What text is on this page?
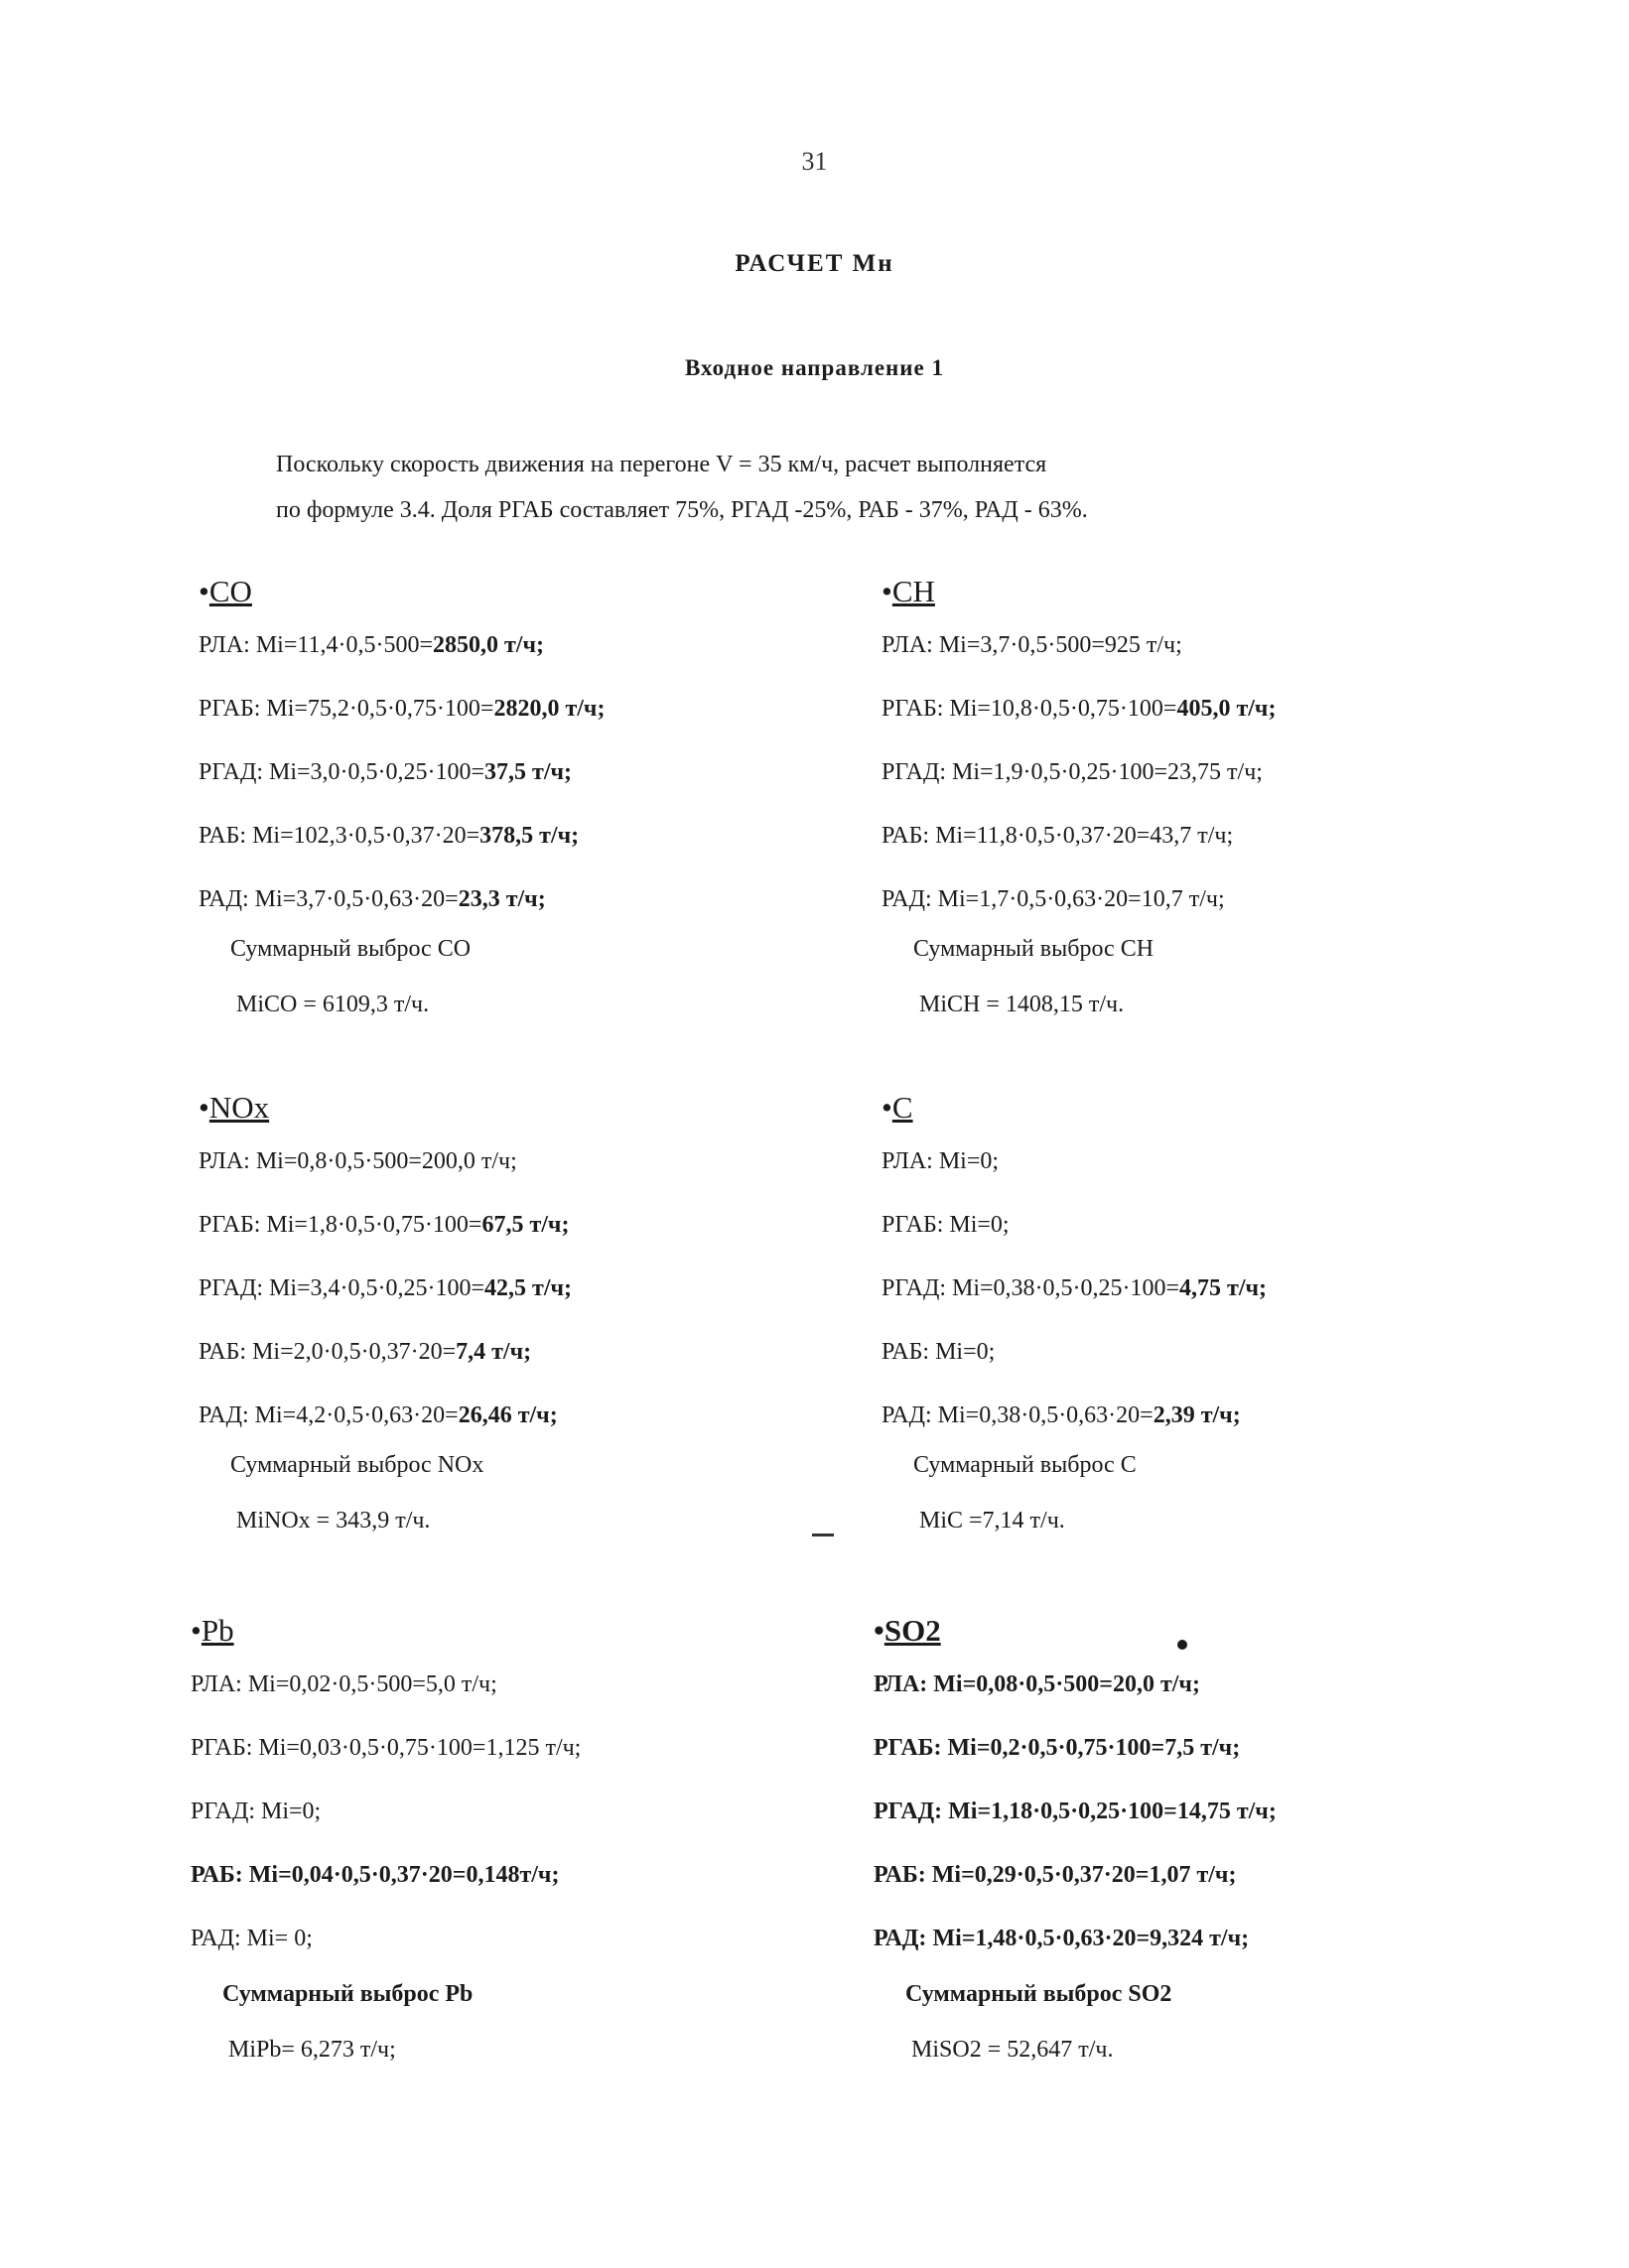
31
РАСЧЕТ Мн
Входное направление 1

Поскольку скорость движения на перегоне V = 35 км/ч, расчет выполняется

по формуле 3.4. Доля РГАБ составляет 75%, РГАД -25%, РАБ - 37%, РАД - 63%.

•CO
РЛА: Mi=11,4·0,5·500=2850,0 т/ч;
РГАБ: Mi=75,2·0,5·0,75·100=2820,0 т/ч;
РГАД: Mi=3,0·0,5·0,25·100=37,5 т/ч;
РАБ: Mi=102,3·0,5·0,37·20=378,5 т/ч;
РАД: Mi=3,7·0,5·0,63·20=23,3 т/ч;
Суммарный выброс CO
MiCO = 6109,3 т/ч.
•CH
РЛА: Mi=3,7·0,5·500=925 т/ч;
РГАБ: Mi=10,8·0,5·0,75·100=405,0 т/ч;
РГАД: Mi=1,9·0,5·0,25·100=23,75 т/ч;
РАБ: Mi=11,8·0,5·0,37·20=43,7 т/ч;
РАД: Mi=1,7·0,5·0,63·20=10,7 т/ч;
Суммарный выброс CH
MiCH = 1408,15 т/ч.
•NOx
РЛА: Mi=0,8·0,5·500=200,0 т/ч;
РГАБ: Mi=1,8·0,5·0,75·100=67,5 т/ч;
РГАД: Mi=3,4·0,5·0,25·100=42,5 т/ч;
РАБ: Mi=2,0·0,5·0,37·20=7,4 т/ч;
РАД: Mi=4,2·0,5·0,63·20=26,46 т/ч;
Суммарный выброс NOx
MiNOx = 343,9 т/ч.
•C
РЛА: Mi=0;
РГАБ: Mi=0;
РГАД: Mi=0,38·0,5·0,25·100=4,75 т/ч;
РАБ: Mi=0;
РАД: Mi=0,38·0,5·0,63·20=2,39 т/ч;
Суммарный выброс C
MiC =7,14 т/ч.
•Pb
РЛА: Mi=0,02·0,5·500=5,0 т/ч;
РГАБ: Mi=0,03·0,5·0,75·100=1,125 т/ч;
РГАД: Mi=0;
РАБ: Mi=0,04·0,5·0,37·20=0,148т/ч;
РАД: Mi= 0;
Суммарный выброс Pb
MiPb= 6,273 т/ч;
•SO2
РЛА: Mi=0,08·0,5·500=20,0 т/ч;
РГАБ: Mi=0,2·0,5·0,75·100=7,5 т/ч;
РГАД: Mi=1,18·0,5·0,25·100=14,75 т/ч;
РАБ: Mi=0,29·0,5·0,37·20=1,07 т/ч;
РАД: Mi=1,48·0,5·0,63·20=9,324 т/ч;
Суммарный выброс SO2
MiSO2 = 52,647 т/ч.
